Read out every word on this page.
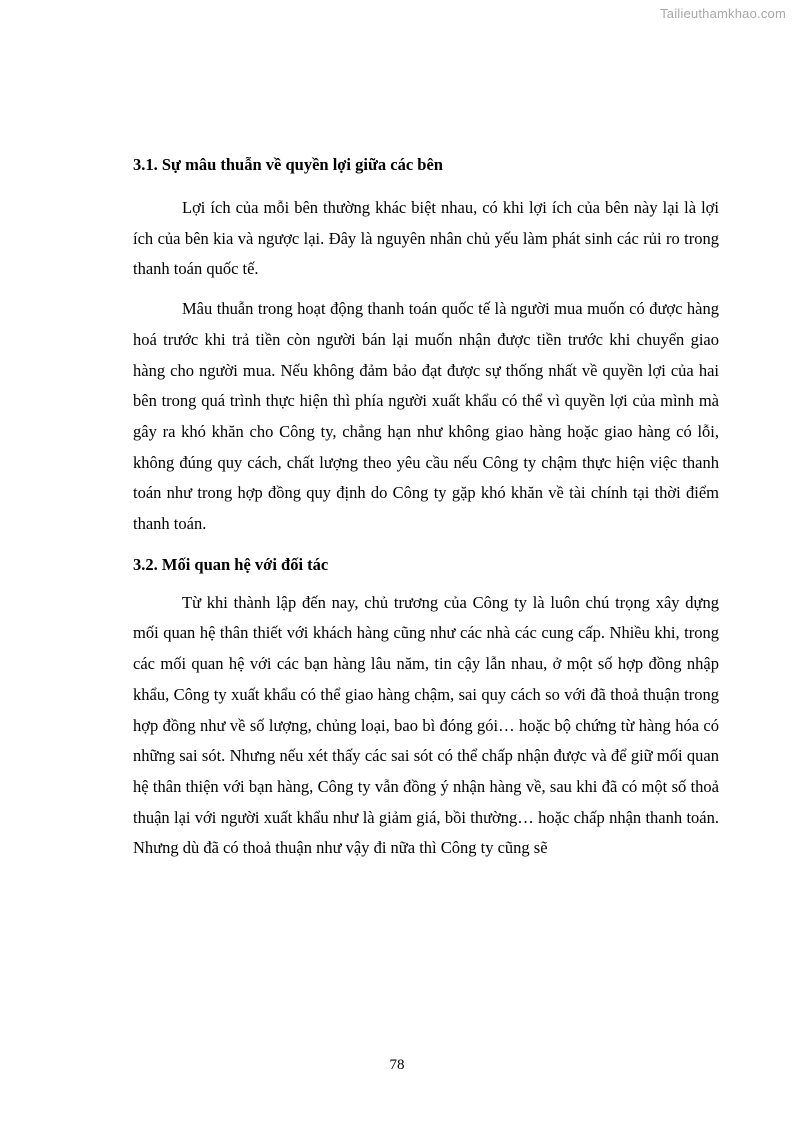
Tailieuthamkhao.com
3.1. Sự mâu thuẫn về quyền lợi giữa các bên

Lợi ích của mỗi bên thường khác biệt nhau, có khi lợi ích của bên này lại là lợi ích của bên kia và ngược lại. Đây là nguyên nhân chủ yếu làm phát sinh các rủi ro trong thanh toán quốc tế.

Mâu thuẫn trong hoạt động thanh toán quốc tế là người mua muốn có được hàng hoá trước khi trả tiền còn người bán lại muốn nhận được tiền trước khi chuyển giao hàng cho người mua. Nếu không đảm bảo đạt được sự thống nhất về quyền lợi của hai bên trong quá trình thực hiện thì phía người xuất khẩu có thể vì quyền lợi của mình mà gây ra khó khăn cho Công ty, chẳng hạn như không giao hàng hoặc giao hàng có lỗi, không đúng quy cách, chất lượng theo yêu cầu nếu Công ty chậm thực hiện việc thanh toán như trong hợp đồng quy định do Công ty gặp khó khăn về tài chính tại thời điểm thanh toán.

3.2. Mối quan hệ với đối tác

Từ khi thành lập đến nay, chủ trương của Công ty là luôn chú trọng xây dựng mối quan hệ thân thiết với khách hàng cũng như các nhà các cung cấp. Nhiều khi, trong các mối quan hệ với các bạn hàng lâu năm, tin cậy lẫn nhau, ở một số hợp đồng nhập khẩu, Công ty xuất khẩu có thể giao hàng chậm, sai quy cách so với đã thoả thuận trong hợp đồng như về số lượng, chủng loại, bao bì đóng gói… hoặc bộ chứng từ hàng hóa có những sai sót. Nhưng nếu xét thấy các sai sót có thể chấp nhận được và để giữ mối quan hệ thân thiện với bạn hàng, Công ty vẫn đồng ý nhận hàng về, sau khi đã có một số thoả thuận lại với người xuất khẩu như là giảm giá, bồi thường… hoặc chấp nhận thanh toán. Nhưng dù đã có thoả thuận như vậy đi nữa thì Công ty cũng sẽ

78
